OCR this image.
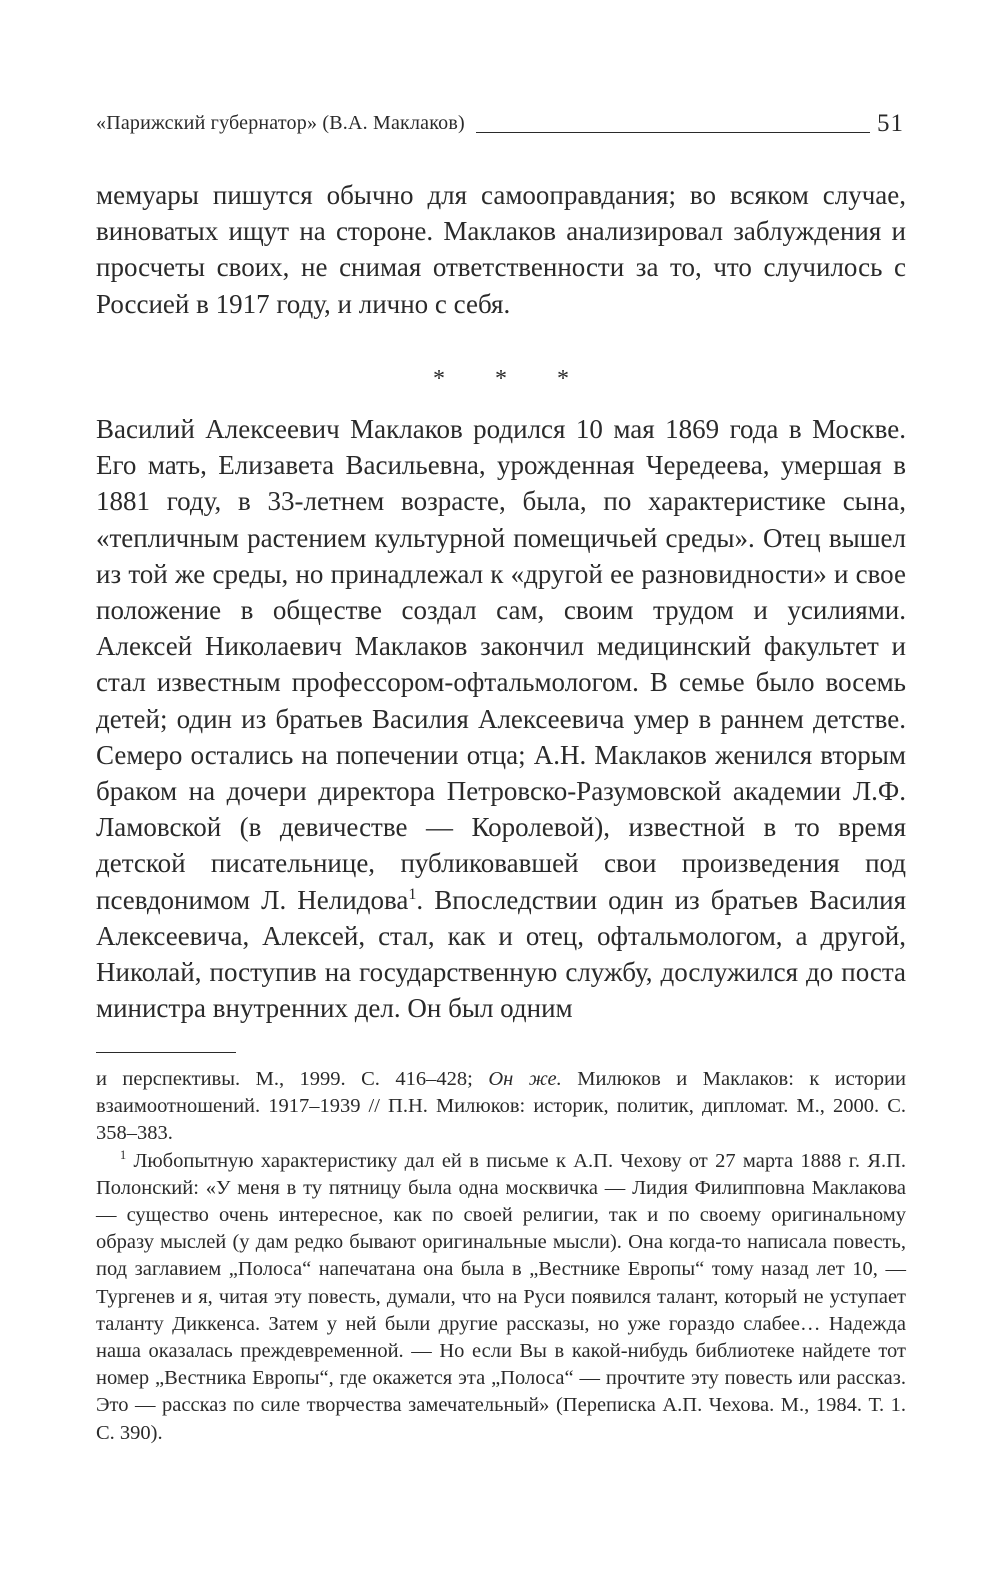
«Парижский губернатор» (В.А. Маклаков)	51
мемуары пишутся обычно для самооправдания; во всяком случае, виноватых ищут на стороне. Маклаков анализировал заблуждения и просчеты своих, не снимая ответственности за то, что случилось с Россией в 1917 году, и лично с себя.
* * *
Василий Алексеевич Маклаков родился 10 мая 1869 года в Москве. Его мать, Елизавета Васильевна, урожденная Чередеева, умершая в 1881 году, в 33-летнем возрасте, была, по характеристике сына, «тепличным растением культурной помещичьей среды». Отец вышел из той же среды, но принадлежал к «другой ее разновидности» и свое положение в обществе создал сам, своим трудом и усилиями. Алексей Николаевич Маклаков закончил медицинский факультет и стал известным профессором-офтальмологом. В семье было восемь детей; один из братьев Василия Алексеевича умер в раннем детстве. Семеро остались на попечении отца; А.Н. Маклаков женился вторым браком на дочери директора Петровско-Разумовской академии Л.Ф. Ламовской (в девичестве — Королевой), известной в то время детской писательнице, публиковавшей свои произведения под псевдонимом Л. Нелидова$^1$. Впоследствии один из братьев Василия Алексеевича, Алексей, стал, как и отец, офтальмологом, а другой, Николай, поступив на государственную службу, дослужился до поста министра внутренних дел. Он был одним

и перспективы. М., 1999. С. 416–428; Он же. Милюков и Маклаков: к истории взаимоотношений. 1917–1939 // П.Н. Милюков: историк, политик, дипломат. М., 2000. С. 358–383.

$^1$ Любопытную характеристику дал ей в письме к А.П. Чехову от 27 марта 1888 г. Я.П. Полонский: «У меня в ту пятницу была одна москвичка — Лидия Филипповна Маклакова — существо очень интересное, как по своей религии, так и по своему оригинальному образу мыслей (у дам редко бывают оригинальные мысли). Она когда-то написала повесть, под заглавием „Полоса“ напечатана она была в „Вестнике Европы“ тому назад лет 10, — Тургенев и я, читая эту повесть, думали, что на Руси появился талант, который не уступает таланту Диккенса. Затем у ней были другие рассказы, но уже гораздо слабее… Надежда наша оказалась преждевременной. — Но если Вы в какой-нибудь библиотеке найдете тот номер „Вестника Европы“, где окажется эта „Полоса“ — прочтите эту повесть или рассказ. Это — рассказ по силе творчества замечательный» (Переписка А.П. Чехова. М., 1984. Т. 1. С. 390).
